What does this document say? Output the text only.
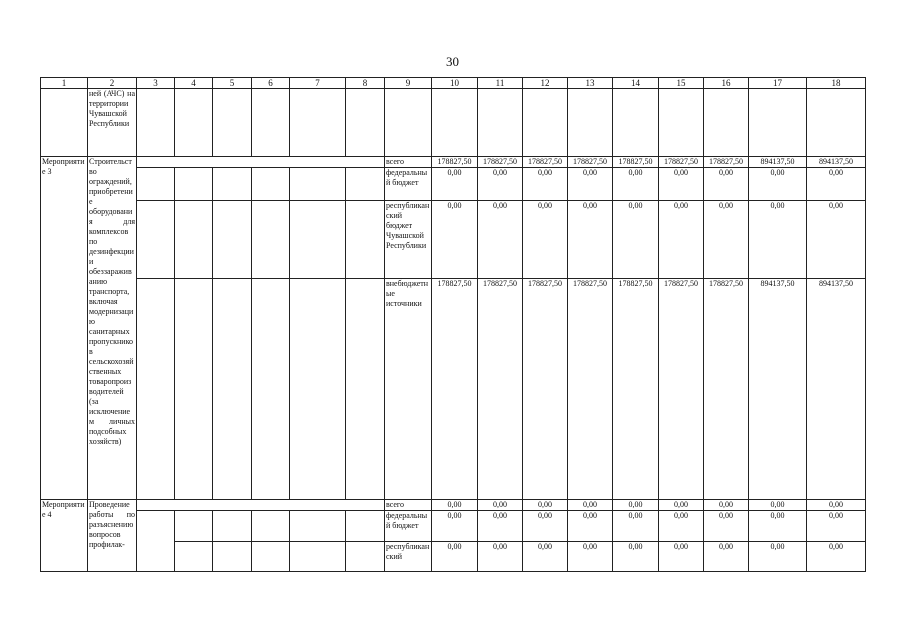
30
1	2	3	4	5	6	7	8	9	10	11	12	13	14	15	16	17	18
	ней (АЧС) на территории Чувашской Республики																
Мероприятие 3	Строительство ограждений, приобретение оборудования для комплексов по дезинфекции и обеззараживанию транспорта, включая модернизацию санитарных пропускников сельскохозяйственных товаропроизводителей (за исключением личных подсобных хозяйств)							всего	178827,50	178827,50	178827,50	178827,50	178827,50	178827,50	178827,50	894137,50	894137,50
								федеральный бюджет	0,00	0,00	0,00	0,00	0,00	0,00	0,00	0,00	0,00
								республиканский бюджет Чувашской Республики	0,00	0,00	0,00	0,00	0,00	0,00	0,00	0,00	0,00
								внебюджетные источники	178827,50	178827,50	178827,50	178827,50	178827,50	178827,50	178827,50	894137,50	894137,50
Мероприятие 4	Проведение работы по разъяснению вопросов профилак-							всего	0,00	0,00	0,00	0,00	0,00	0,00	0,00	0,00	0,00
								федеральный бюджет	0,00	0,00	0,00	0,00	0,00	0,00	0,00	0,00	0,00
								республиканский	0,00	0,00	0,00	0,00	0,00	0,00	0,00	0,00	0,00
